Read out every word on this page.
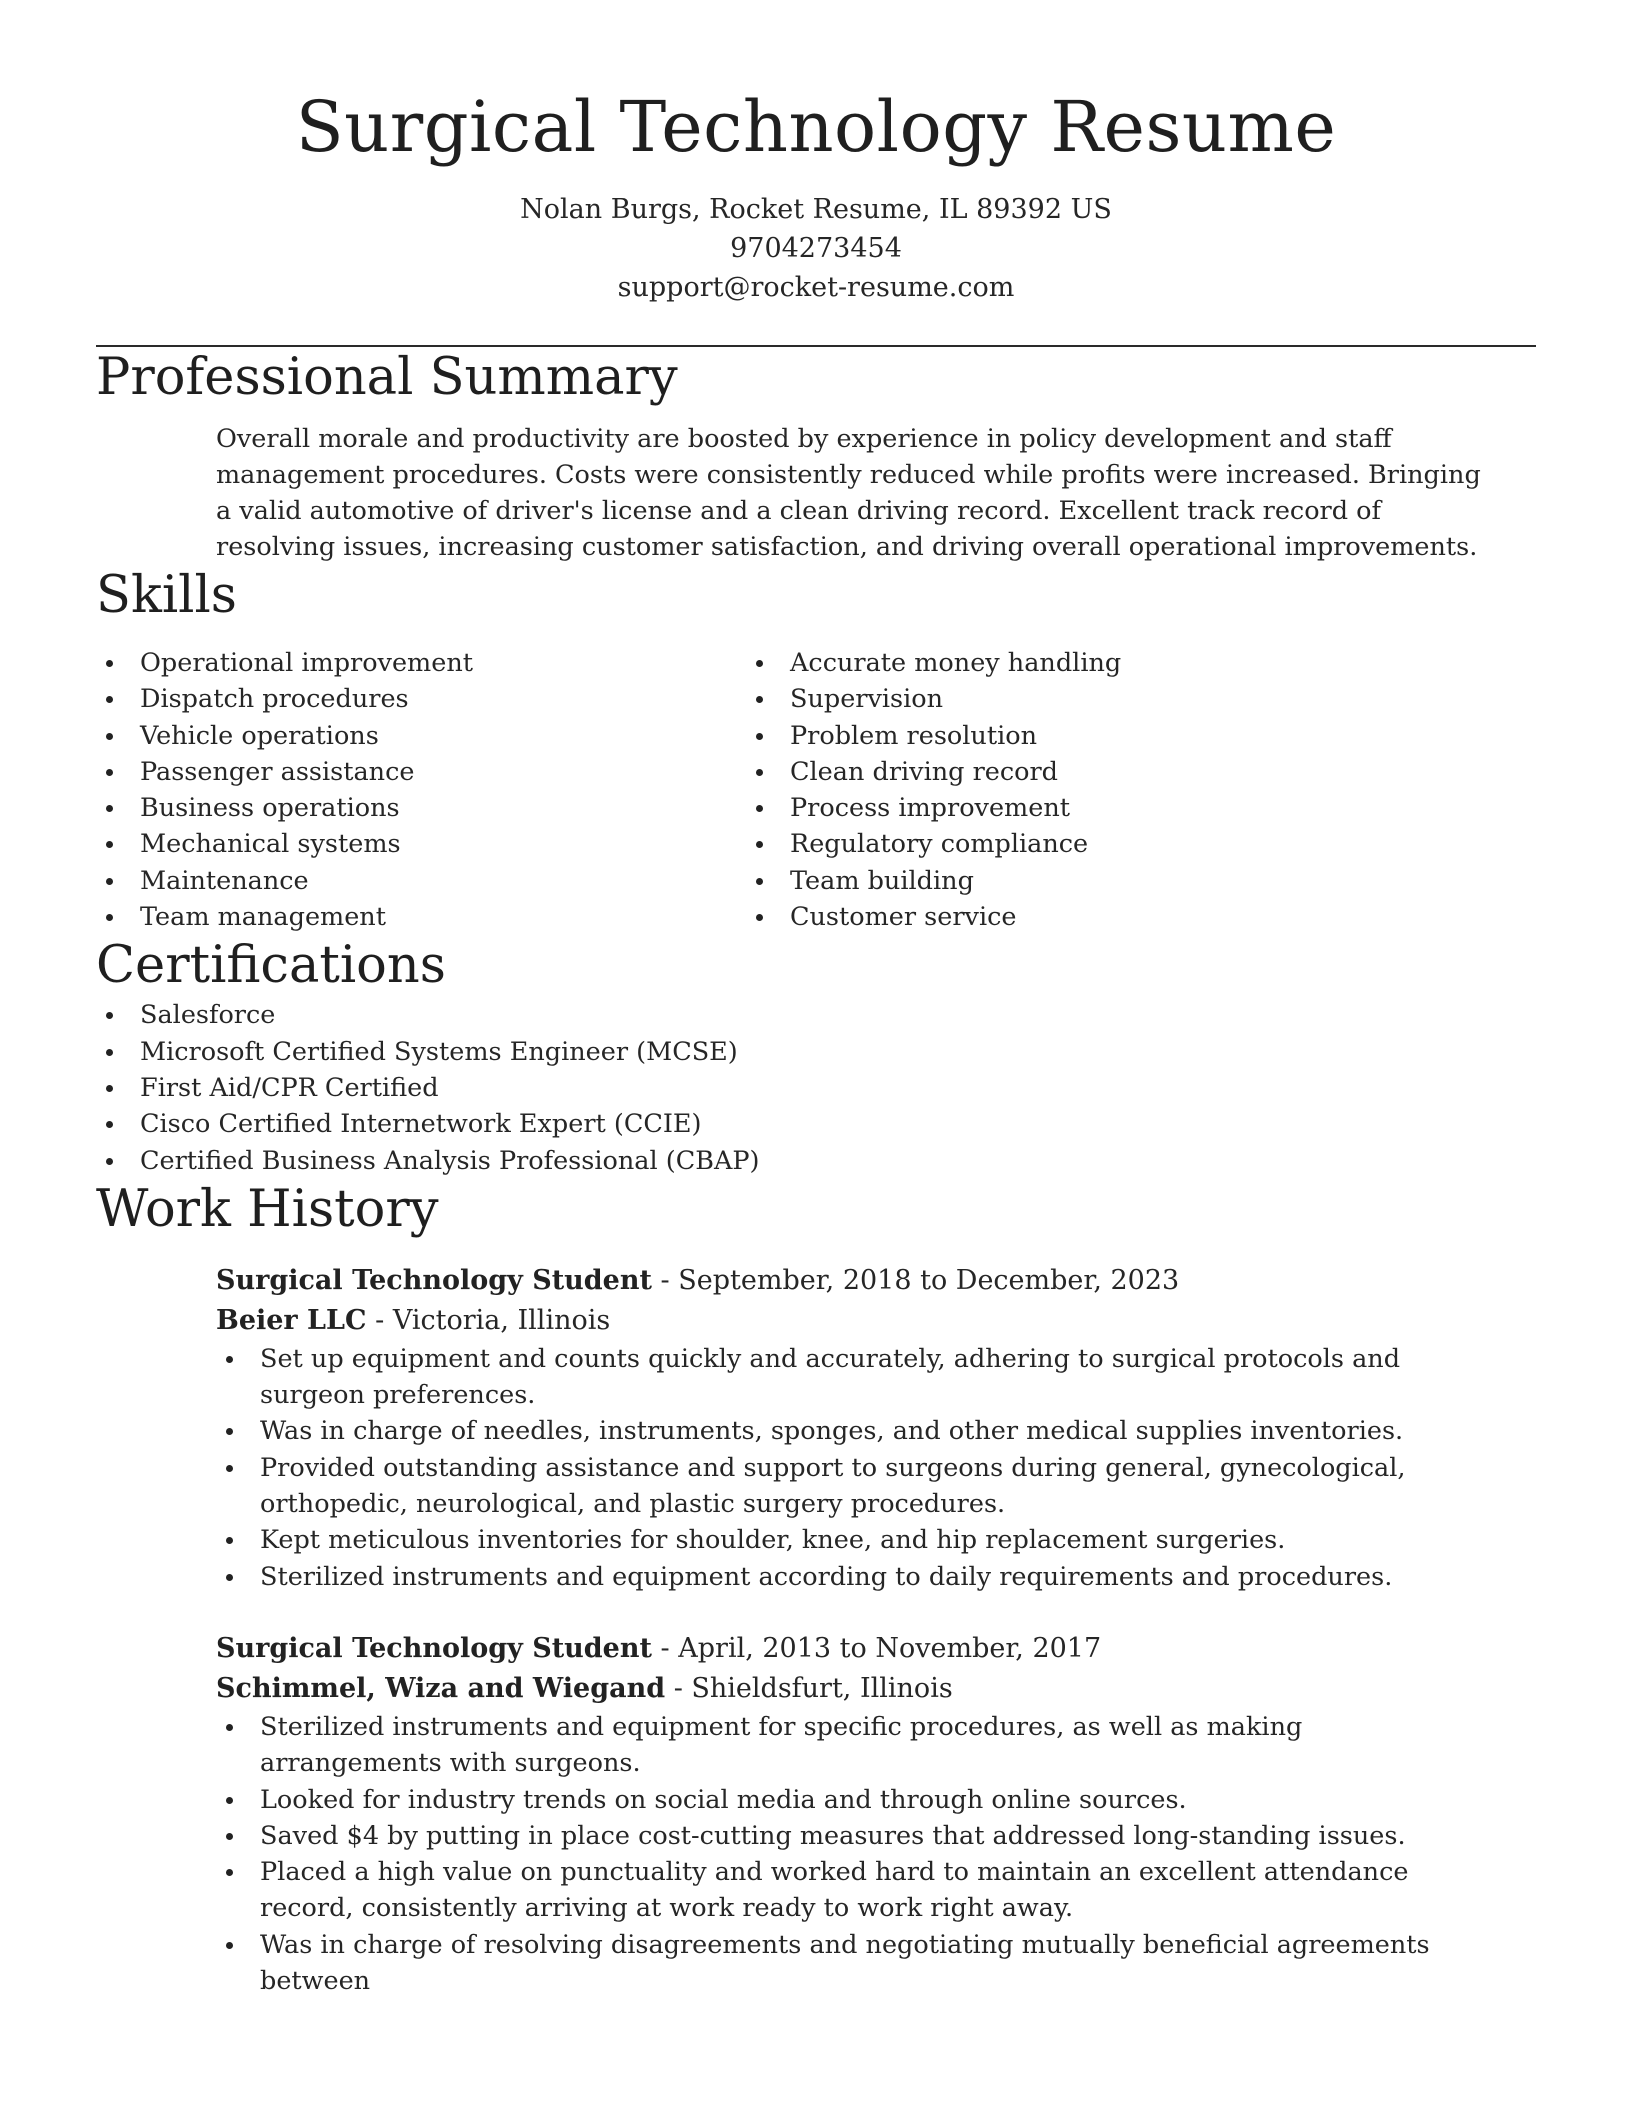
Surgical Technology Resume
Nolan Burgs, Rocket Resume, IL 89392 US
9704273454
support@rocket-resume.com
Professional Summary

Overall morale and productivity are boosted by experience in policy development and staff management procedures. Costs were consistently reduced while profits were increased. Bringing a valid automotive of driver's license and a clean driving record. Excellent track record of resolving issues, increasing customer satisfaction, and driving overall operational improvements.

Skills
Operational improvement
Dispatch procedures
Vehicle operations
Passenger assistance
Business operations
Mechanical systems
Maintenance
Team management
Accurate money handling
Supervision
Problem resolution
Clean driving record
Process improvement
Regulatory compliance
Team building
Customer service
Certifications
Salesforce
Microsoft Certified Systems Engineer (MCSE)
First Aid/CPR Certified
Cisco Certified Internetwork Expert (CCIE)
Certified Business Analysis Professional (CBAP)
Work History
Surgical Technology Student - September, 2018 to December, 2023
Beier LLC - Victoria, Illinois
Set up equipment and counts quickly and accurately, adhering to surgical protocols and surgeon preferences.
Was in charge of needles, instruments, sponges, and other medical supplies inventories.
Provided outstanding assistance and support to surgeons during general, gynecological, orthopedic, neurological, and plastic surgery procedures.
Kept meticulous inventories for shoulder, knee, and hip replacement surgeries.
Sterilized instruments and equipment according to daily requirements and procedures.
Surgical Technology Student - April, 2013 to November, 2017
Schimmel, Wiza and Wiegand - Shieldsfurt, Illinois
Sterilized instruments and equipment for specific procedures, as well as making arrangements with surgeons.
Looked for industry trends on social media and through online sources.
Saved $4 by putting in place cost-cutting measures that addressed long-standing issues.
Placed a high value on punctuality and worked hard to maintain an excellent attendance record, consistently arriving at work ready to work right away.
Was in charge of resolving disagreements and negotiating mutually beneficial agreements between
